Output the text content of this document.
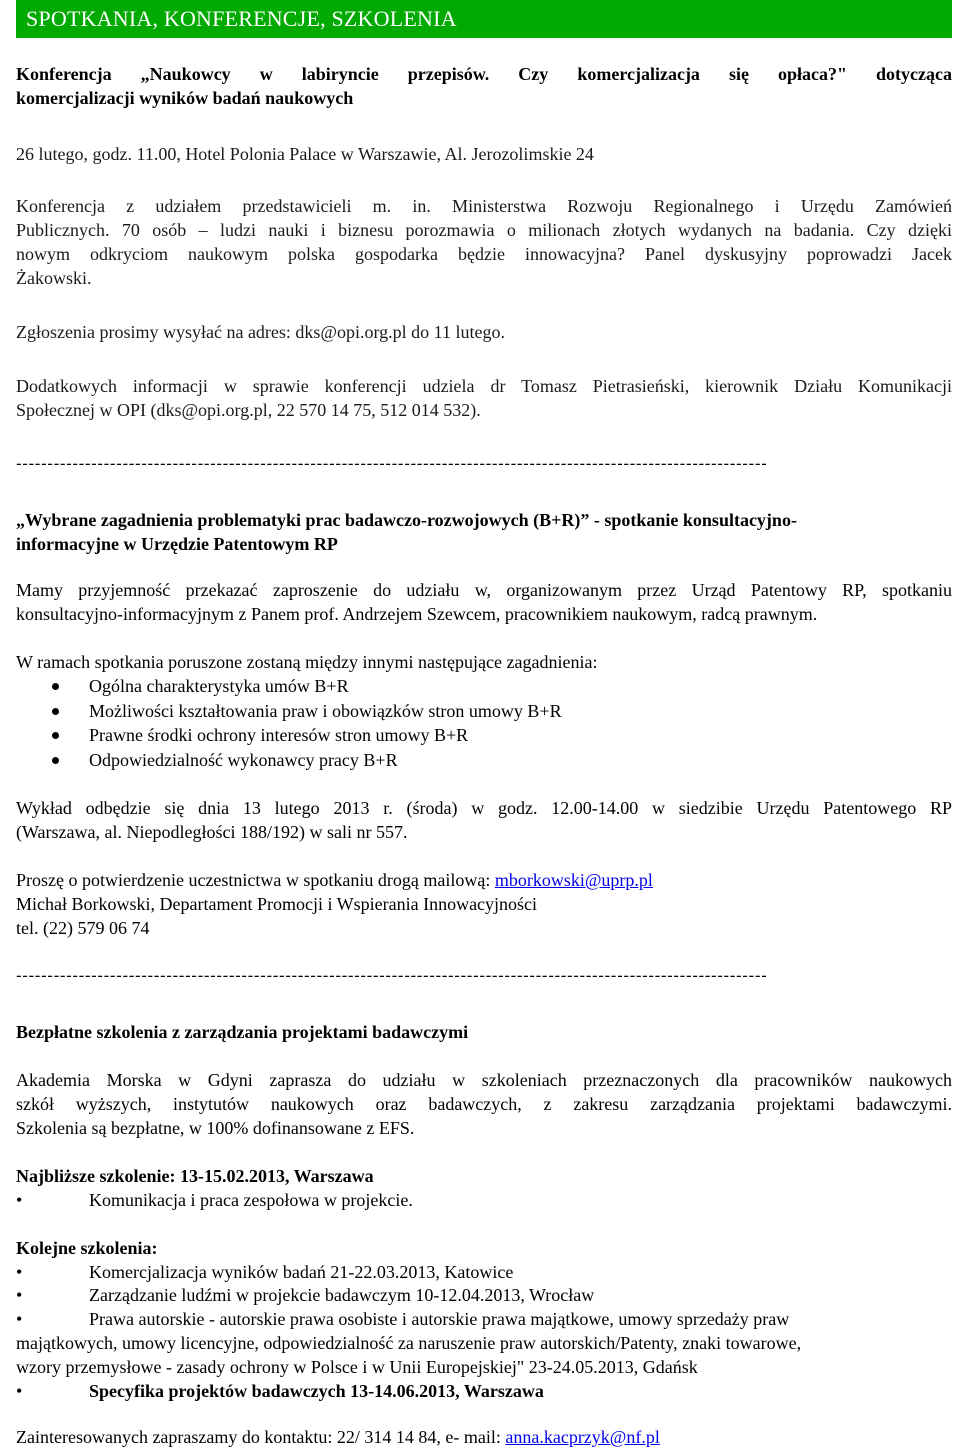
SPOTKANIA, KONFERENCJE, SZKOLENIA
Konferencja „Naukowcy w labiryncie przepisów. Czy komercjalizacja się opłaca?" dotycząca
komercjalizacji wyników badań naukowych
26 lutego, godz. 11.00, Hotel Polonia Palace w Warszawie, Al. Jerozolimskie 24
Konferencja z udziałem przedstawicieli m. in. Ministerstwa Rozwoju Regionalnego i Urzędu Zamówień
Publicznych. 70 osób – ludzi nauki i biznesu porozmawia o milionach złotych wydanych na badania. Czy dzięki
nowym odkryciom naukowym polska gospodarka będzie innowacyjna? Panel dyskusyjny poprowadzi Jacek
Żakowski.
Zgłoszenia prosimy wysyłać na adres: dks@opi.org.pl do 11 lutego.
Dodatkowych informacji w sprawie konferencji udziela dr Tomasz Pietrasieński, kierownik Działu Komunikacji
Społecznej w OPI (dks@opi.org.pl, 22 570 14 75, 512 014 532).
------------------------------------------------------------------------------------------------------------------------
„Wybrane zagadnienia problematyki prac badawczo-rozwojowych (B+R)” - spotkanie konsultacyjno-
informacyjne w Urzędzie Patentowym RP
Mamy przyjemność przekazać zaproszenie do udziału w, organizowanym przez Urząd Patentowy RP, spotkaniu
konsultacyjno-informacyjnym z Panem prof. Andrzejem Szewcem, pracownikiem naukowym, radcą prawnym.
W ramach spotkania poruszone zostaną między innymi następujące zagadnienia:
Ogólna charakterystyka umów B+R
Możliwości kształtowania praw i obowiązków stron umowy B+R
Prawne środki ochrony interesów stron umowy B+R
Odpowiedzialność wykonawcy pracy B+R
Wykład odbędzie się dnia 13 lutego 2013 r. (środa) w godz. 12.00-14.00 w siedzibie Urzędu Patentowego RP
(Warszawa, al. Niepodległości 188/192) w sali nr 557.
Proszę o potwierdzenie uczestnictwa w spotkaniu drogą mailową: mborkowski@uprp.pl
Michał Borkowski, Departament Promocji i Wspierania Innowacyjności
tel. (22) 579 06 74
------------------------------------------------------------------------------------------------------------------------
Bezpłatne szkolenia z zarządzania projektami badawczymi
Akademia Morska w Gdyni zaprasza do udziału w szkoleniach przeznaczonych dla pracowników naukowych
szkół wyższych, instytutów naukowych oraz badawczych, z zakresu zarządzania projektami badawczymi.
Szkolenia są bezpłatne, w 100% dofinansowane z EFS.
Najbliższe szkolenie: 13-15.02.2013, Warszawa
•	Komunikacja i praca zespołowa w projekcie.
Kolejne szkolenia:
•	Komercjalizacja wyników badań 21-22.03.2013, Katowice
•	Zarządzanie ludźmi w projekcie badawczym 10-12.04.2013, Wrocław
•	Prawa autorskie - autorskie prawa osobiste i autorskie prawa majątkowe, umowy sprzedaży praw
majątkowych, umowy licencyjne, odpowiedzialność za naruszenie praw autorskich/Patenty, znaki towarowe,
wzory przemysłowe - zasady ochrony w Polsce i w Unii Europejskiej" 23-24.05.2013, Gdańsk
•	Specyfika projektów badawczych 13-14.06.2013, Warszawa
Zainteresowanych zapraszamy do kontaktu: 22/ 314 14 84, e- mail: anna.kacprzyk@nf.pl
